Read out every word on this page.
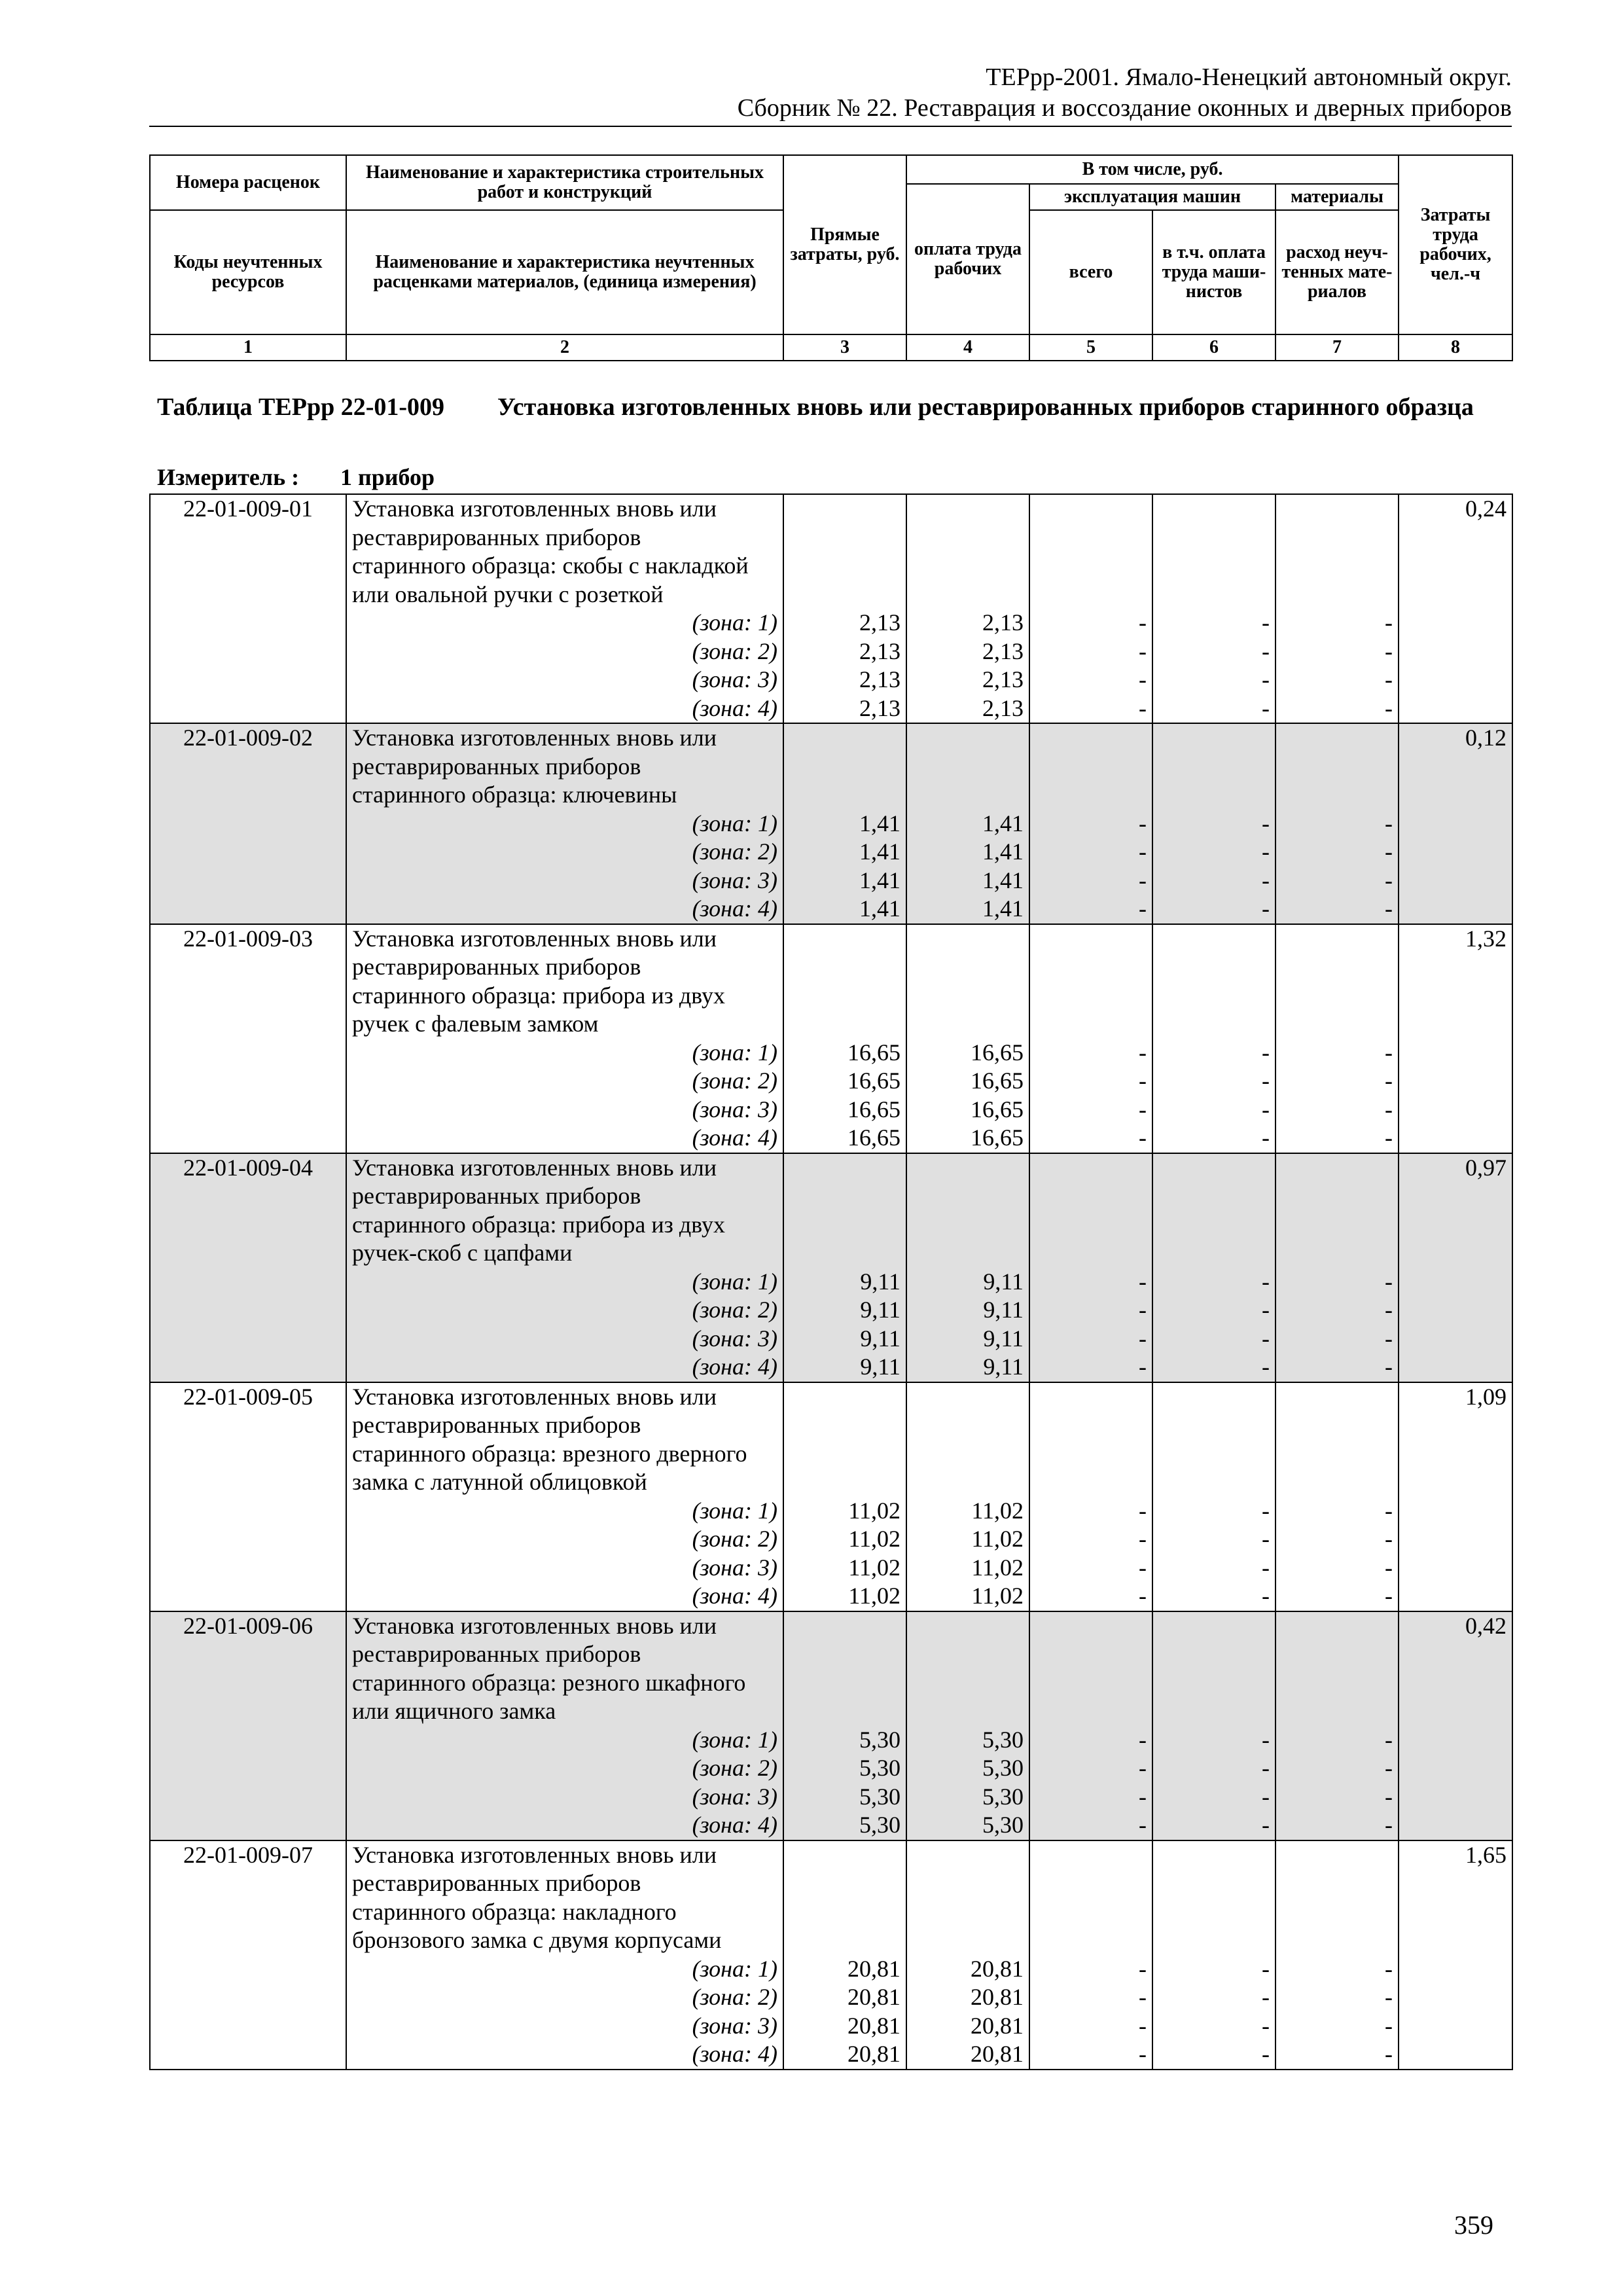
ТЕРрр-2001. Ямало-Ненецкий автономный округ.
Сборник № 22. Реставрация и воссоздание оконных и дверных приборов
Номера расценок	Наименование и характеристика строительных работ и конструкций	Прямые затраты, руб.	В том числе, руб.				Затраты труда рабочих, чел.-ч
			оплата труда рабочих	эксплуатация машин		материалы	
Коды неучтенных ресурсов	Наименование и характеристика неучтенных расценками материалов, (единица измерения)			всего	в т.ч. оплата труда маши-нистов	расход неуч-тенных мате-риалов	
1	2	3	4	5	6	7	8
Таблица ТЕРрр 22-01-009 Установка изготовленных вновь или реставрированных приборов старинного образца
Измеритель : 1 прибор
22-01-009-01	Установка изготовленных вновь или						0,24
	реставрированных приборов						
	старинного образца: скобы с накладкой						
	или овальной ручки с розеткой						
	(зона: 1)	2,13	2,13	-	-	-	
	(зона: 2)	2,13	2,13	-	-	-	
	(зона: 3)	2,13	2,13	-	-	-	
	(зона: 4)	2,13	2,13	-	-	-	
22-01-009-02	Установка изготовленных вновь или						0,12
	реставрированных приборов						
	старинного образца: ключевины						
	(зона: 1)	1,41	1,41	-	-	-	
	(зона: 2)	1,41	1,41	-	-	-	
	(зона: 3)	1,41	1,41	-	-	-	
	(зона: 4)	1,41	1,41	-	-	-	
22-01-009-03	Установка изготовленных вновь или						1,32
	реставрированных приборов						
	старинного образца: прибора из двух						
	ручек с фалевым замком						
	(зона: 1)	16,65	16,65	-	-	-	
	(зона: 2)	16,65	16,65	-	-	-	
	(зона: 3)	16,65	16,65	-	-	-	
	(зона: 4)	16,65	16,65	-	-	-	
22-01-009-04	Установка изготовленных вновь или						0,97
	реставрированных приборов						
	старинного образца: прибора из двух						
	ручек-скоб с цапфами						
	(зона: 1)	9,11	9,11	-	-	-	
	(зона: 2)	9,11	9,11	-	-	-	
	(зона: 3)	9,11	9,11	-	-	-	
	(зона: 4)	9,11	9,11	-	-	-	
22-01-009-05	Установка изготовленных вновь или						1,09
	реставрированных приборов						
	старинного образца: врезного дверного						
	замка с латунной облицовкой						
	(зона: 1)	11,02	11,02	-	-	-	
	(зона: 2)	11,02	11,02	-	-	-	
	(зона: 3)	11,02	11,02	-	-	-	
	(зона: 4)	11,02	11,02	-	-	-	
22-01-009-06	Установка изготовленных вновь или						0,42
	реставрированных приборов						
	старинного образца: резного шкафного						
	или ящичного замка						
	(зона: 1)	5,30	5,30	-	-	-	
	(зона: 2)	5,30	5,30	-	-	-	
	(зона: 3)	5,30	5,30	-	-	-	
	(зона: 4)	5,30	5,30	-	-	-	
22-01-009-07	Установка изготовленных вновь или						1,65
	реставрированных приборов						
	старинного образца: накладного						
	бронзового замка с двумя корпусами						
	(зона: 1)	20,81	20,81	-	-	-	
	(зона: 2)	20,81	20,81	-	-	-	
	(зона: 3)	20,81	20,81	-	-	-	
	(зона: 4)	20,81	20,81	-	-	-	
359
